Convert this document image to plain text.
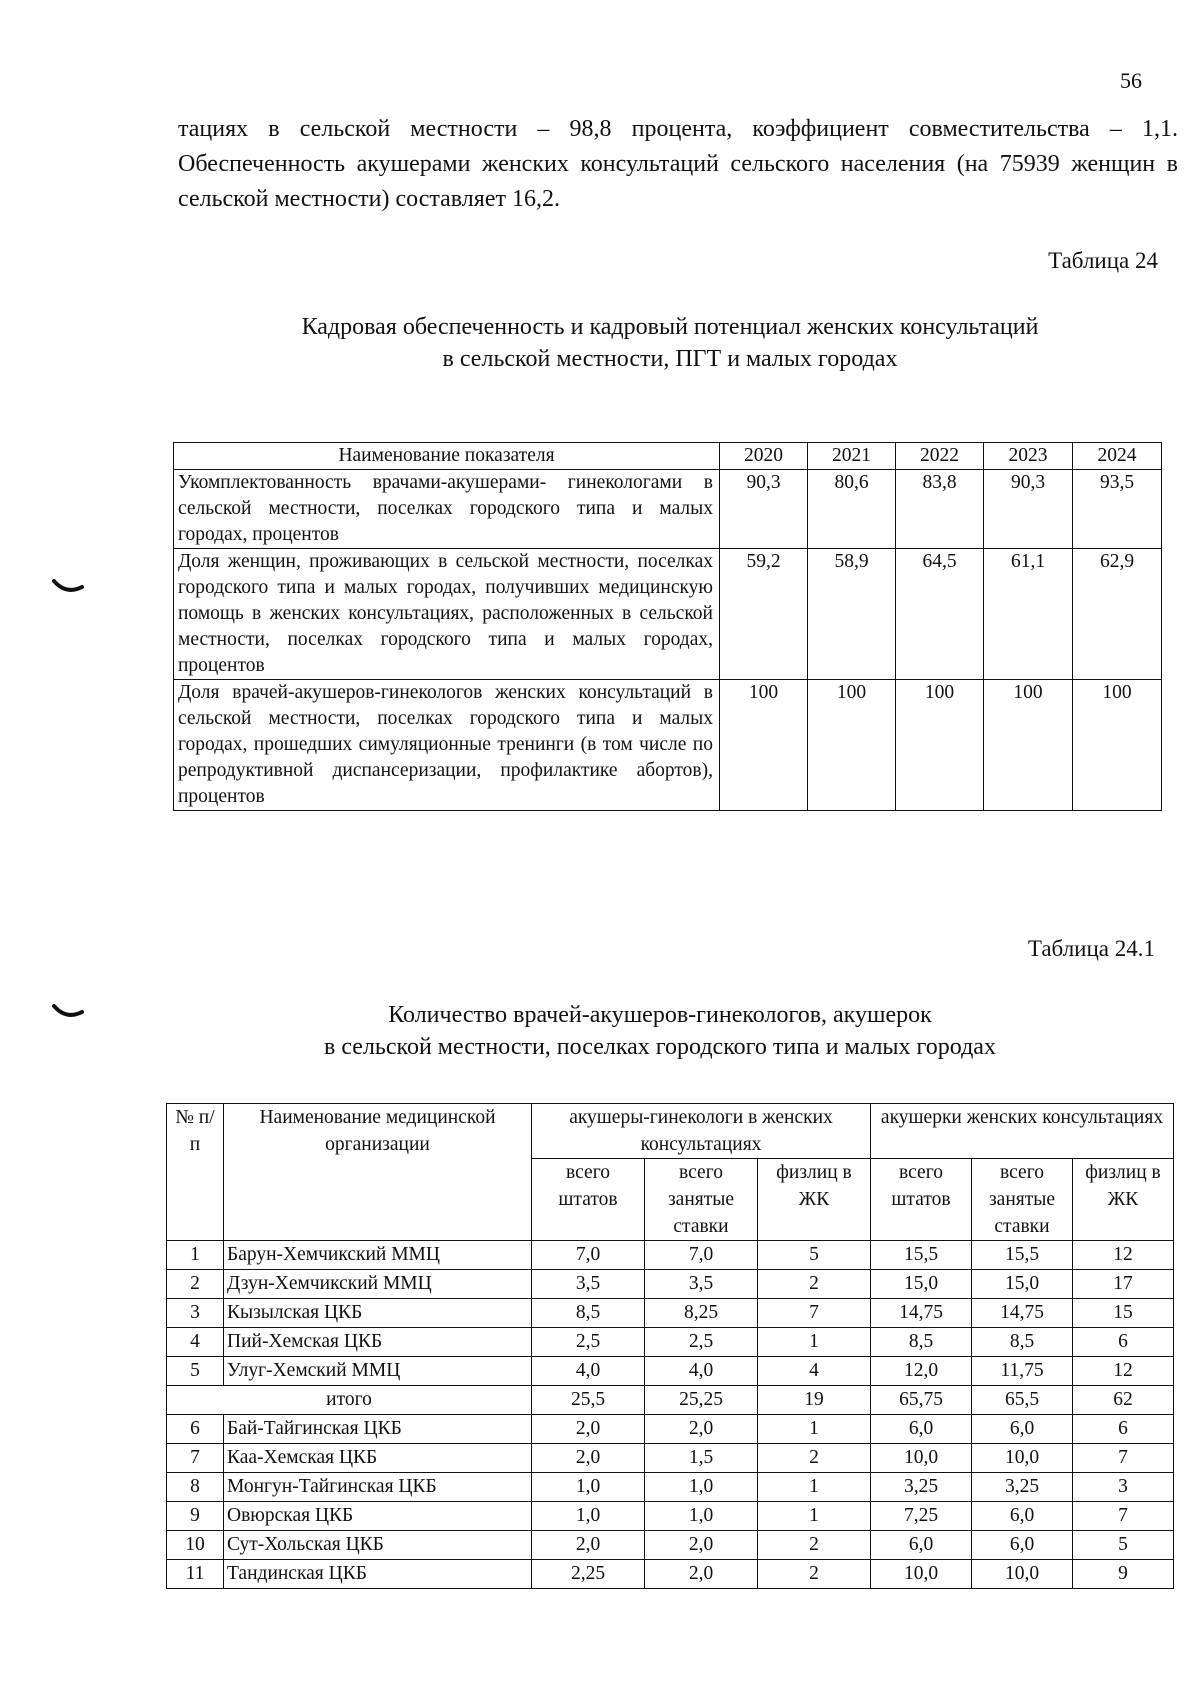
56
тациях в сельской местности – 98,8 процента, коэффициент совместительства – 1,1. Обеспеченность акушерами женских консультаций сельского населения (на 75939 женщин в сельской местности) составляет 16,2.
Таблица 24
Кадровая обеспеченность и кадровый потенциал женских консультаций в сельской местности, ПГТ и малых городах
Наименование показателя	2020	2021	2022	2023	2024
Укомплектованность врачами-акушерами- гинекологами в сельской местности, поселках городского типа и малых городах, процентов	90,3	80,6	83,8	90,3	93,5
Доля женщин, проживающих в сельской местности, поселках городского типа и малых городах, получивших медицинскую помощь в женских консультациях, расположенных в сельской местности, поселках городского типа и малых городах, процентов	59,2	58,9	64,5	61,1	62,9
Доля врачей-акушеров-гинекологов женских консультаций в сельской местности, поселках городского типа и малых городах, прошедших симуляционные тренинги (в том числе по репродуктивной диспансеризации, профилактике абортов), процентов	100	100	100	100	100
Таблица 24.1
Количество врачей-акушеров-гинекологов, акушерок
в сельской местности, поселках городского типа и малых городах
№ п/п	Наименование медицинской организации	акушеры-гинекологи в женских консультациях			акушерки женских консультациях		
		всего штатов	всего занятые ставки	физлиц в ЖК	всего штатов	всего занятые ставки	физлиц в ЖК
1	Барун-Хемчикский ММЦ	7,0	7,0	5	15,5	15,5	12
2	Дзун-Хемчикский ММЦ	3,5	3,5	2	15,0	15,0	17
3	Кызылская ЦКБ	8,5	8,25	7	14,75	14,75	15
4	Пий-Хемская ЦКБ	2,5	2,5	1	8,5	8,5	6
5	Улуг-Хемский ММЦ	4,0	4,0	4	12,0	11,75	12
итого		25,5	25,25	19	65,75	65,5	62
6	Бай-Тайгинская ЦКБ	2,0	2,0	1	6,0	6,0	6
7	Каа-Хемская ЦКБ	2,0	1,5	2	10,0	10,0	7
8	Монгун-Тайгинская ЦКБ	1,0	1,0	1	3,25	3,25	3
9	Овюрская ЦКБ	1,0	1,0	1	7,25	6,0	7
10	Сут-Хольская ЦКБ	2,0	2,0	2	6,0	6,0	5
11	Тандинская ЦКБ	2,25	2,0	2	10,0	10,0	9
